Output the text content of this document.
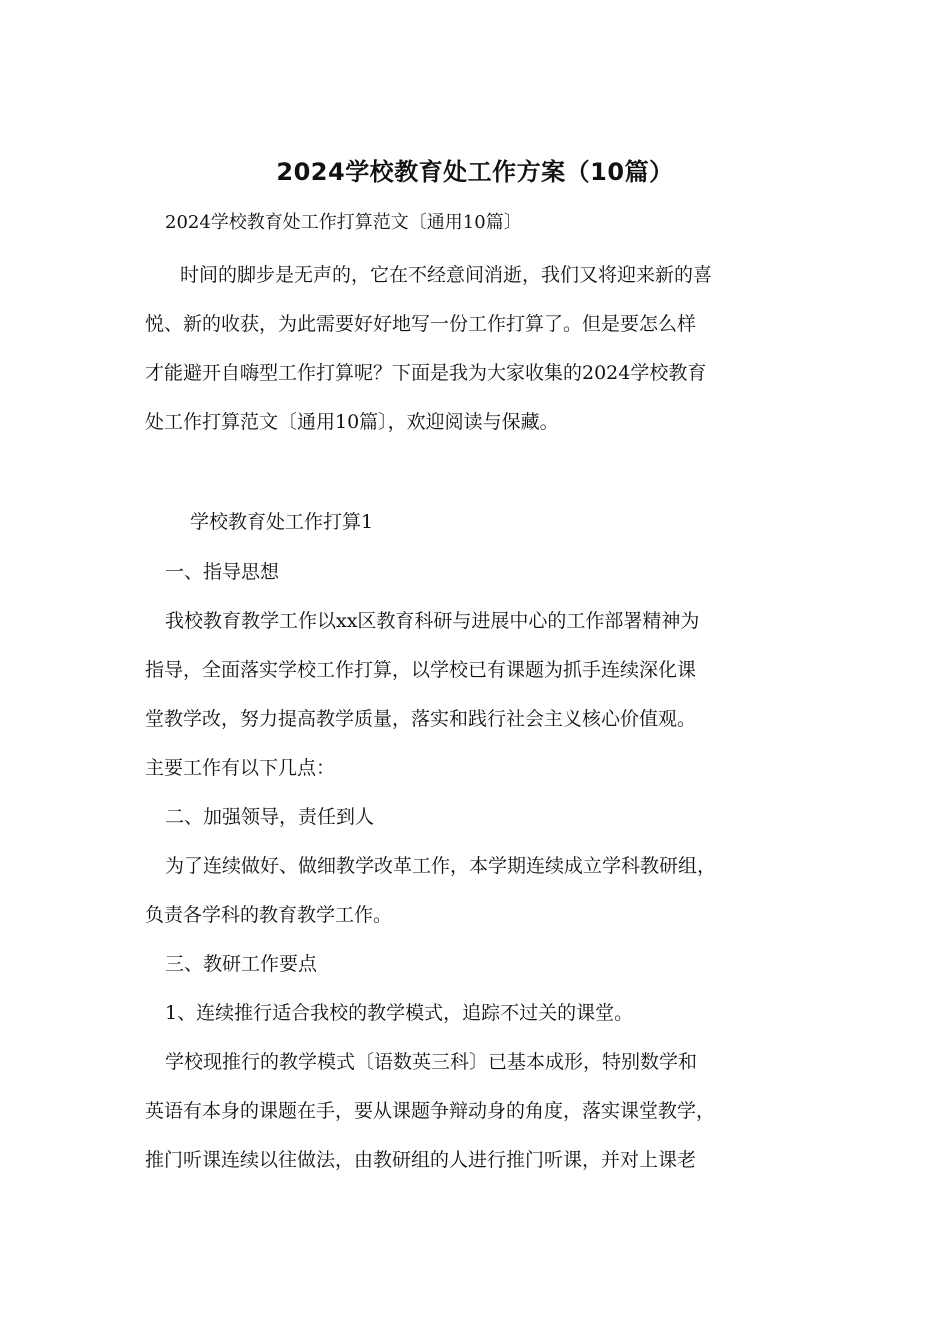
2024学校教育处工作方案（10篇）
2024学校教育处工作打算范文〔通用10篇〕
时间的脚步是无声的，它在不经意间消逝，我们又将迎来新的喜
悦、新的收获，为此需要好好地写一份工作打算了。但是要怎么样
才能避开自嗨型工作打算呢？下面是我为大家收集的2024学校教育
处工作打算范文〔通用10篇〕，欢迎阅读与保藏。
学校教育处工作打算1
一、指导思想
我校教育教学工作以xx区教育科研与进展中心的工作部署精神为
指导，全面落实学校工作打算，以学校已有课题为抓手连续深化课
堂教学改，努力提高教学质量，落实和践行社会主义核心价值观。
主要工作有以下几点：
二、加强领导，责任到人
为了连续做好、做细教学改革工作，本学期连续成立学科教研组，
负责各学科的教育教学工作。
三、教研工作要点
1、连续推行适合我校的教学模式，追踪不过关的课堂。
学校现推行的教学模式〔语数英三科〕已基本成形，特别数学和
英语有本身的课题在手，要从课题争辩动身的角度，落实课堂教学，
推门听课连续以往做法，由教研组的人进行推门听课，并对上课老
